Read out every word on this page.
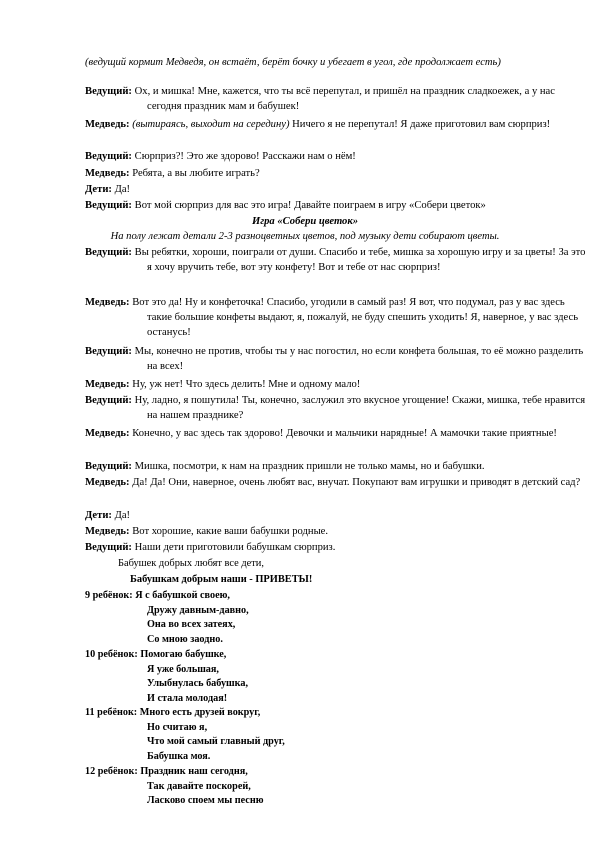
(ведущий кормит Медведя, он встаёт, берёт бочку и убегает в угол, где продолжает есть)
Ведущий: Ох, и мишка! Мне, кажется, что ты всё перепутал, и пришёл на праздник сладкоежек, а у нас сегодня праздник мам и бабушек!
Медведь: (вытираясь, выходит на середину) Ничего я не перепутал! Я даже приготовил вам сюрприз!
Ведущий: Сюрприз?! Это же здорово! Расскажи нам о нём!
Медведь: Ребята, а вы любите играть?
Дети: Да!
Ведущий: Вот мой сюрприз для вас это игра! Давайте поиграем в игру «Собери цветок»
Игра «Собери цветок»
На полу лежат детали 2-3 разноцветных цветов, под музыку дети собирают цветы.
Ведущий: Вы ребятки, хороши, поиграли от души. Спасибо и тебе, мишка за хорошую игру и за цветы! За это я хочу вручить тебе, вот эту конфету! Вот и тебе от нас сюрприз!
Медведь: Вот это да! Ну и конфеточка! Спасибо, угодили в самый раз! Я вот, что подумал, раз у вас здесь такие большие конфеты выдают, я, пожалуй, не буду спешить уходить! Я, наверное, у вас здесь останусь!
Ведущий: Мы, конечно не против, чтобы ты у нас погостил, но если конфета большая, то её можно разделить на всех!
Медведь: Ну, уж нет! Что здесь делить! Мне и одному мало!
Ведущий: Ну, ладно, я пошутила! Ты, конечно, заслужил это вкусное угощение! Скажи, мишка, тебе нравится на нашем празднике?
Медведь: Конечно, у вас здесь так здорово! Девочки и мальчики нарядные! А мамочки такие приятные!
Ведущий: Мишка, посмотри, к нам на праздник пришли не только мамы, но и бабушки.
Медведь: Да! Да! Они, наверное, очень любят вас, внучат. Покупают вам игрушки и приводят в детский сад?
Дети: Да!
Медведь: Вот хорошие, какие ваши бабушки родные.
Ведущий: Наши дети приготовили бабушкам сюрприз.
Бабушек добрых любят все дети,
Бабушкам добрым наши - ПРИВЕТЫ!
9 ребёнок: Я с бабушкой своею,
Дружу давным-давно,
Она во всех затеях,
Со мною заодно.
10 ребёнок: Помогаю бабушке,
Я уже большая,
Улыбнулась бабушка,
И стала молодая!
11 ребёнок: Много есть друзей вокруг,
Но считаю я,
Что мой самый главный друг,
Бабушка моя.
12 ребёнок: Праздник наш сегодня,
Так давайте поскорей,
Ласково споем мы песню
